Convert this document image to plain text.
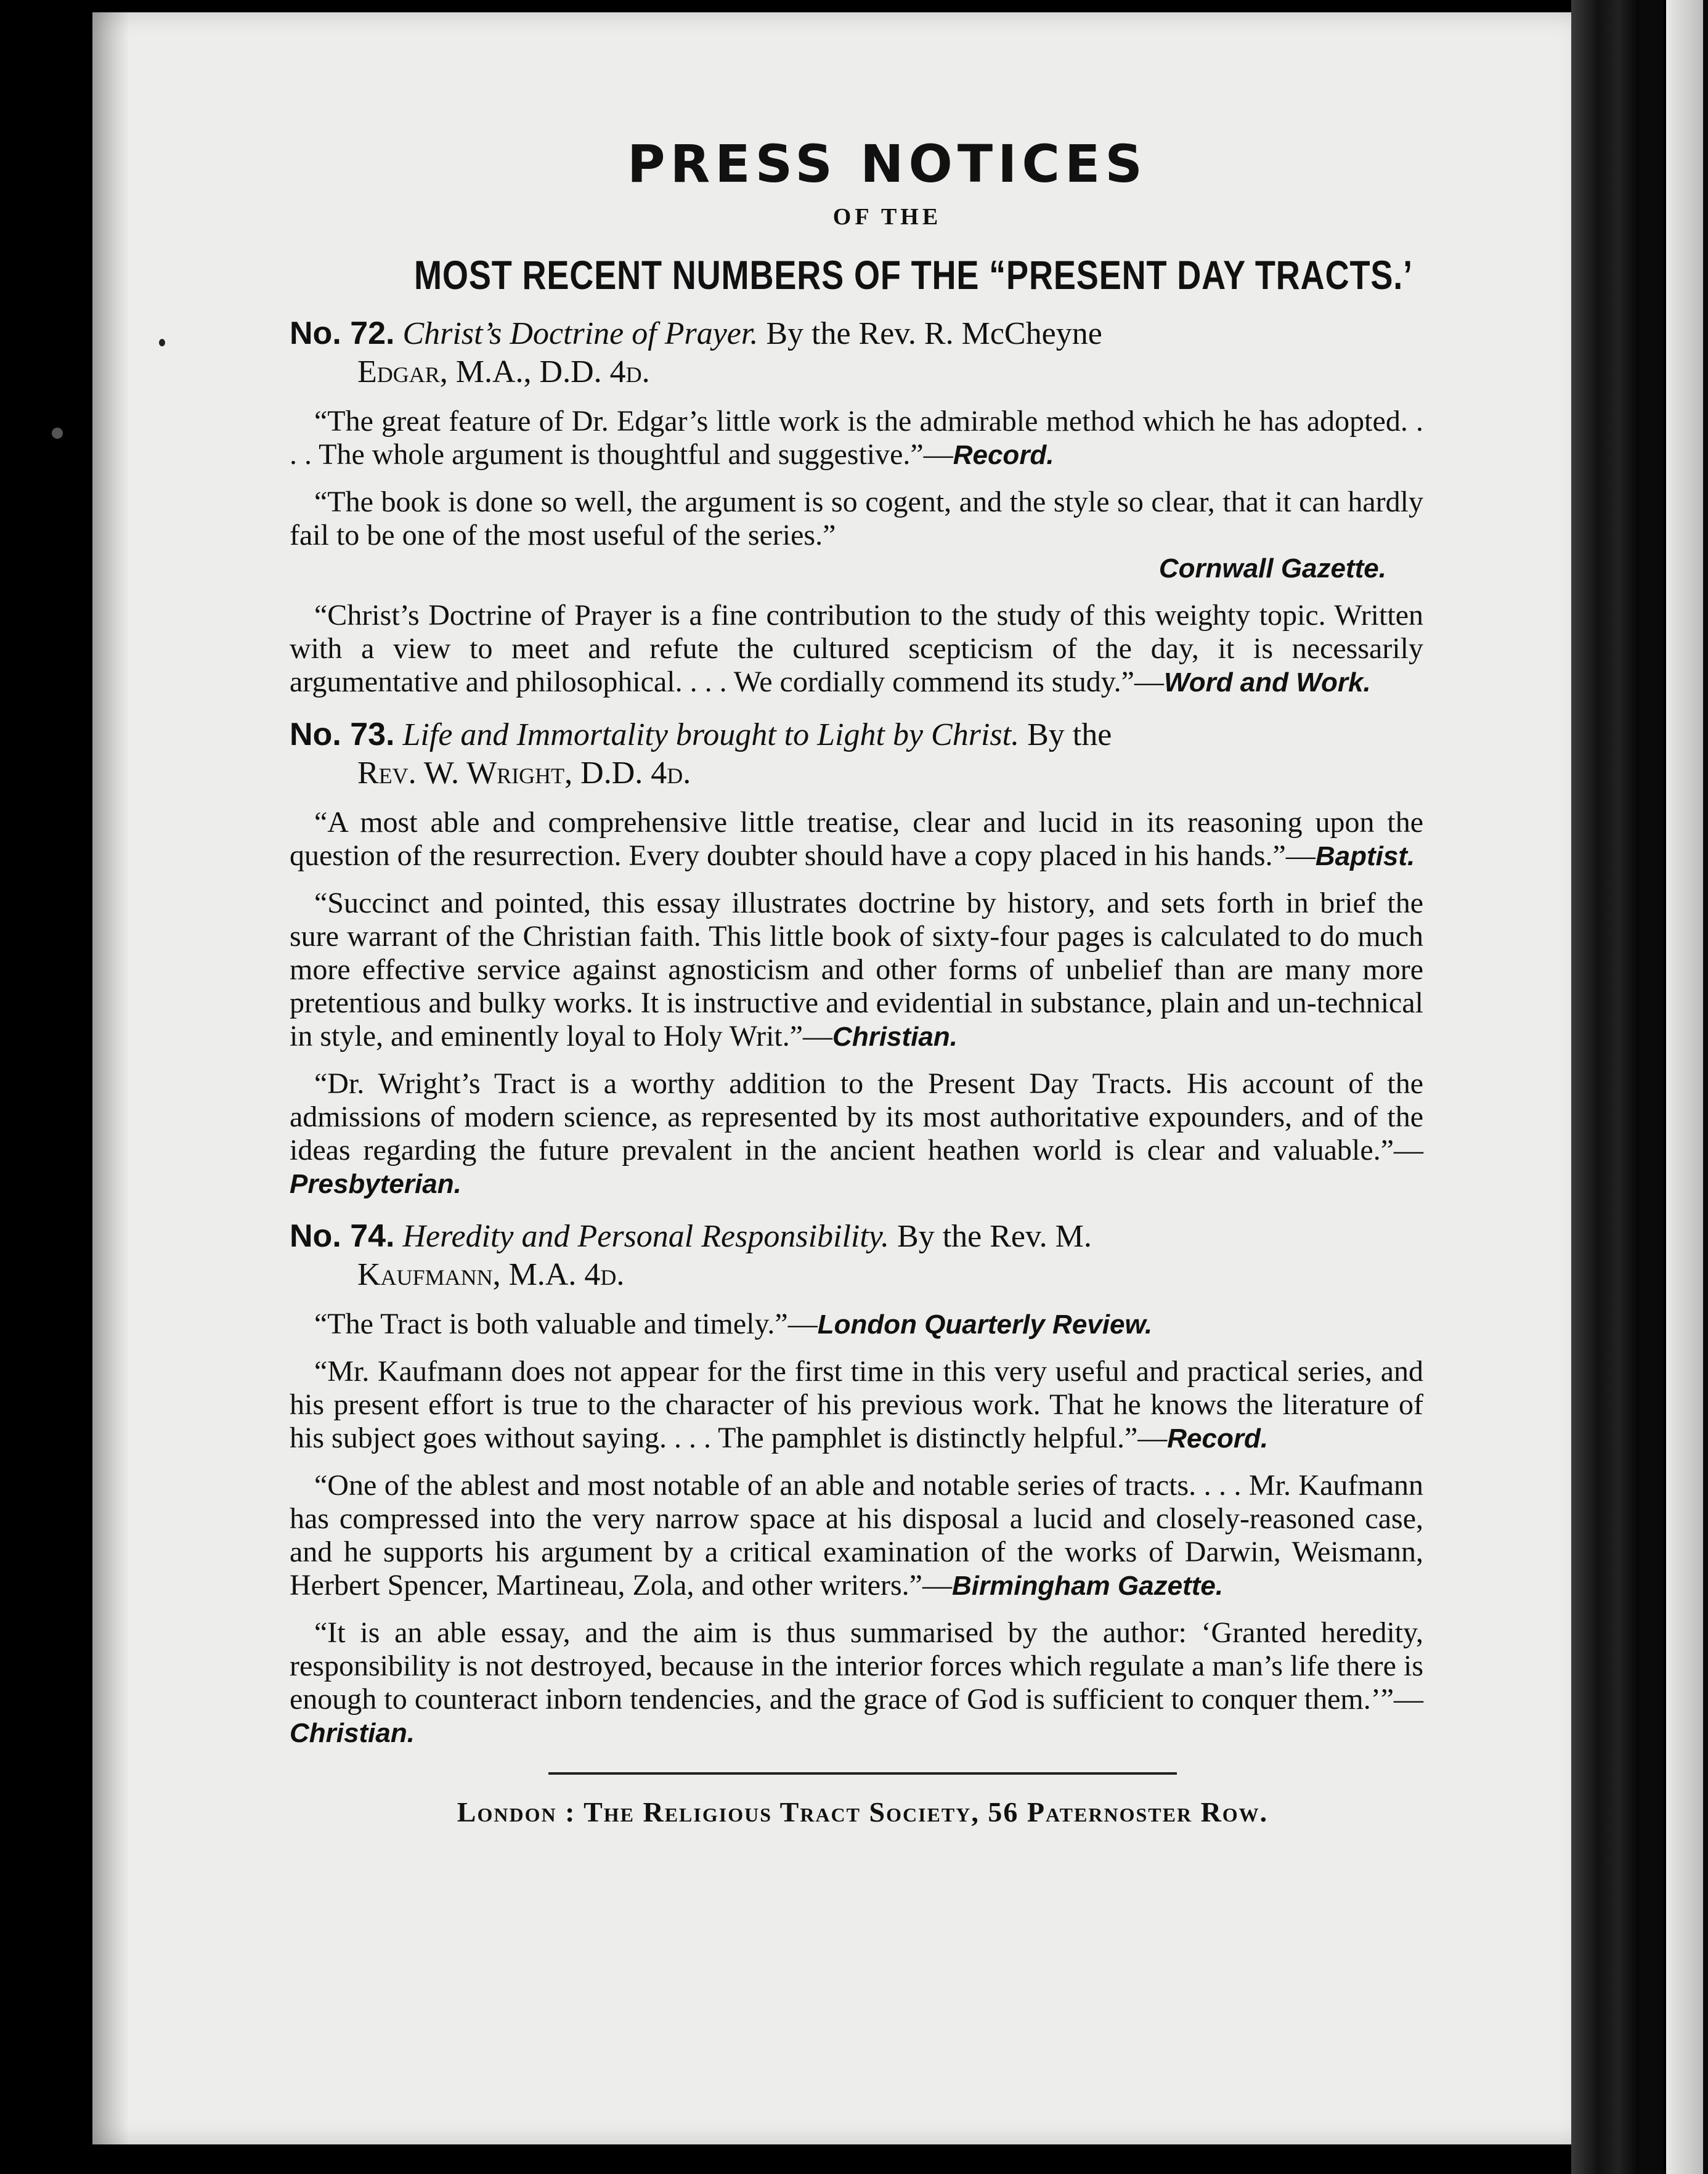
PRESS NOTICES
OF THE
MOST RECENT NUMBERS OF THE “PRESENT DAY TRACTS.’
No. 72. Christ’s Doctrine of Prayer. By the Rev. R. McCheyne
Edgar, M.A., D.D. 4d.
“The great feature of Dr. Edgar’s little work is the admirable method which he has adopted. . . . The whole argument is thoughtful and suggestive.”—Record.
“The book is done so well, the argument is so cogent, and the style so clear, that it can hardly fail to be one of the most useful of the series.”
Cornwall Gazette.
“Christ’s Doctrine of Prayer is a fine contribution to the study of this weighty topic. Written with a view to meet and refute the cultured scepticism of the day, it is necessarily argumentative and philosophical. . . . We cordially commend its study.”—Word and Work.
No. 73. Life and Immortality brought to Light by Christ. By the
Rev. W. Wright, D.D. 4d.
“A most able and comprehensive little treatise, clear and lucid in its reasoning upon the question of the resurrection. Every doubter should have a copy placed in his hands.”—Baptist.
“Succinct and pointed, this essay illustrates doctrine by history, and sets forth in brief the sure warrant of the Christian faith. This little book of sixty-four pages is calculated to do much more effective service against agnosticism and other forms of unbelief than are many more pretentious and bulky works. It is instructive and evidential in substance, plain and un-technical in style, and eminently loyal to Holy Writ.”—Christian.
“Dr. Wright’s Tract is a worthy addition to the Present Day Tracts. His account of the admissions of modern science, as represented by its most authoritative expounders, and of the ideas regarding the future prevalent in the ancient heathen world is clear and valuable.”—Presbyterian.
No. 74. Heredity and Personal Responsibility. By the Rev. M.
Kaufmann, M.A. 4d.
“The Tract is both valuable and timely.”—London Quarterly Review.
“Mr. Kaufmann does not appear for the first time in this very useful and practical series, and his present effort is true to the character of his previous work. That he knows the literature of his subject goes without saying. . . . The pamphlet is distinctly helpful.”—Record.
“One of the ablest and most notable of an able and notable series of tracts. . . . Mr. Kaufmann has compressed into the very narrow space at his disposal a lucid and closely-reasoned case, and he supports his argument by a critical examination of the works of Darwin, Weismann, Herbert Spencer, Martineau, Zola, and other writers.”—Birmingham Gazette.
“It is an able essay, and the aim is thus summarised by the author: ‘Granted heredity, responsibility is not destroyed, because in the interior forces which regulate a man’s life there is enough to counteract inborn tendencies, and the grace of God is sufficient to conquer them.’”—Christian.
London : The Religious Tract Society, 56 Paternoster Row.
